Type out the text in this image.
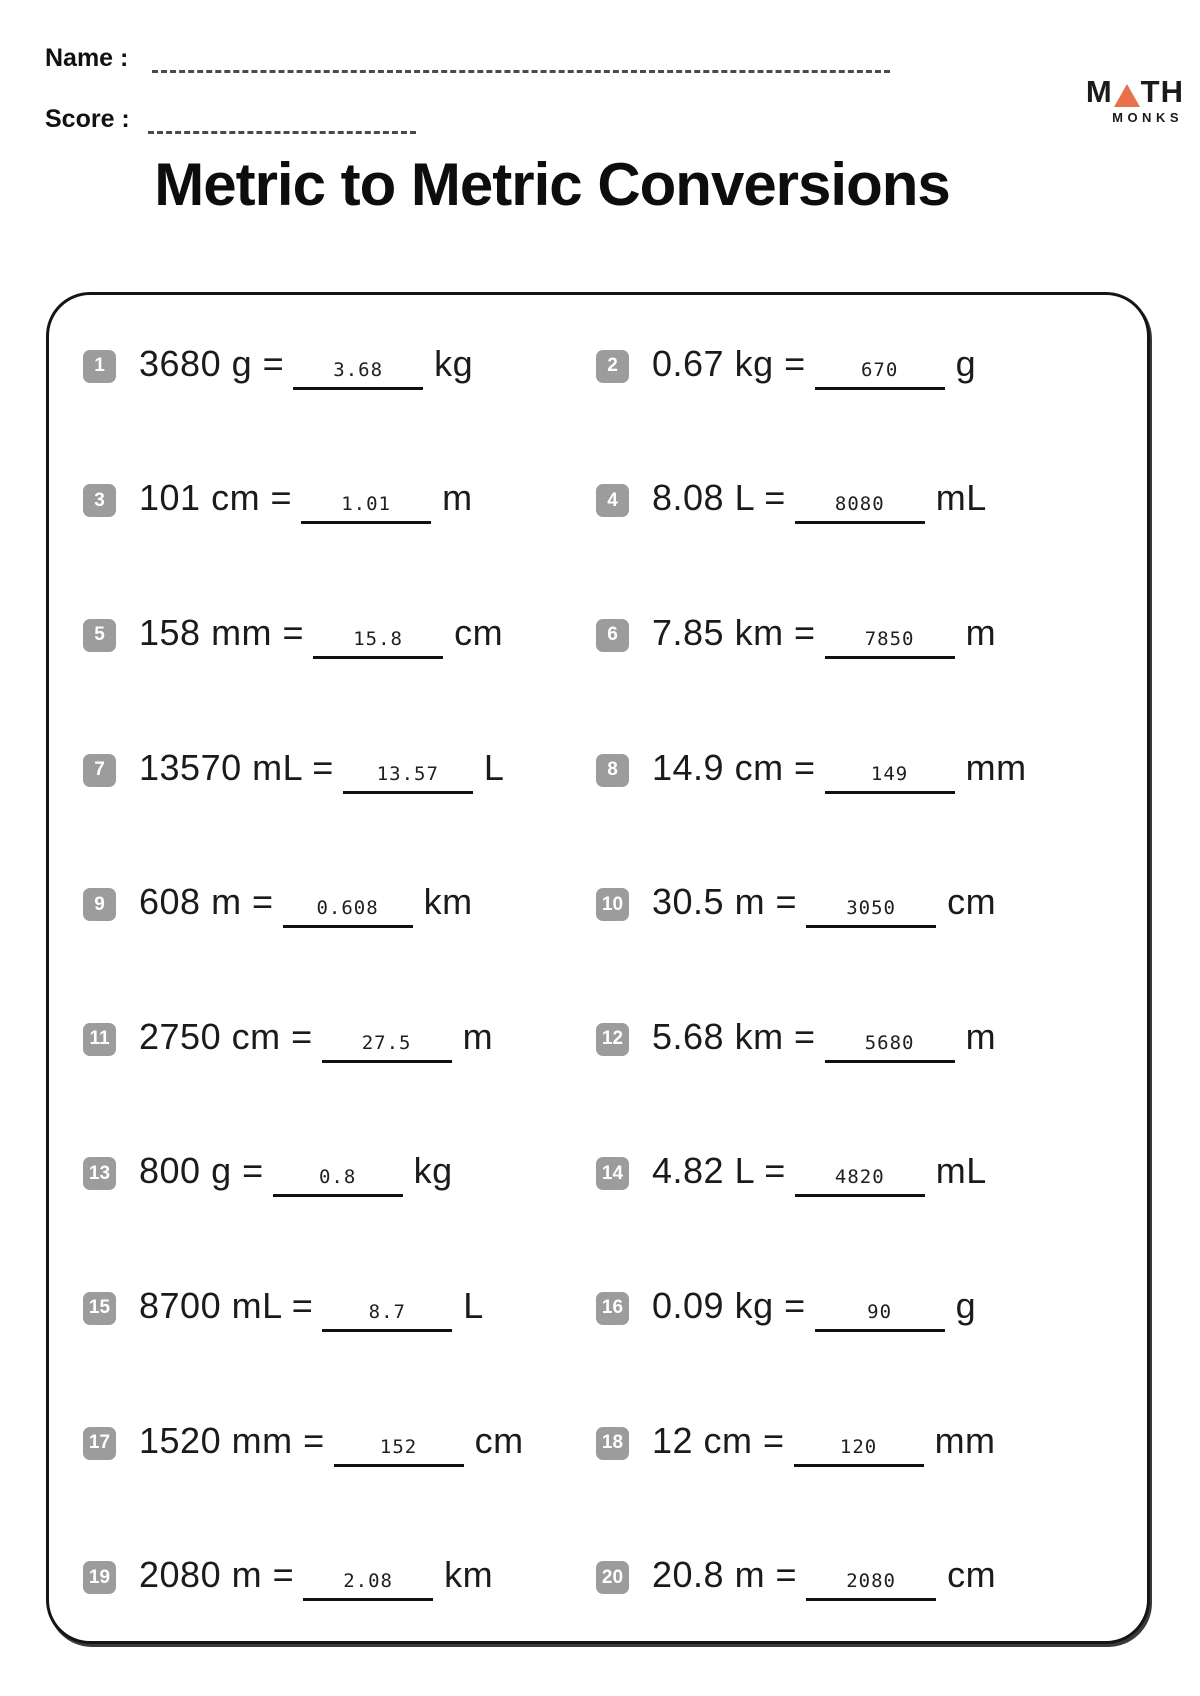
Name :
Score :
M TH
MONKS
Metric to Metric Conversions
1 3680 g =	3.68	kg	2 0.67 kg =	670	g
3 101 cm =	1.01	m	4 8.08 L =	8080	mL
5 158 mm =	15.8	cm	6 7.85 km =	7850	m
7 13570 mL =	13.57	L	8 14.9 cm =	149	mm
9 608 m =	0.608	km	10 30.5 m =	3050	cm
11 2750 cm =	27.5	m	12 5.68 km =	5680	m
13 800 g =	0.8	kg	14 4.82 L =	4820	mL
15 8700 mL =	8.7	L	16 0.09 kg =	90	g
17 1520 mm =	152	cm	18 12 cm =	120	mm
19 2080 m =	2.08	km	20 20.8 m =	2080	cm
